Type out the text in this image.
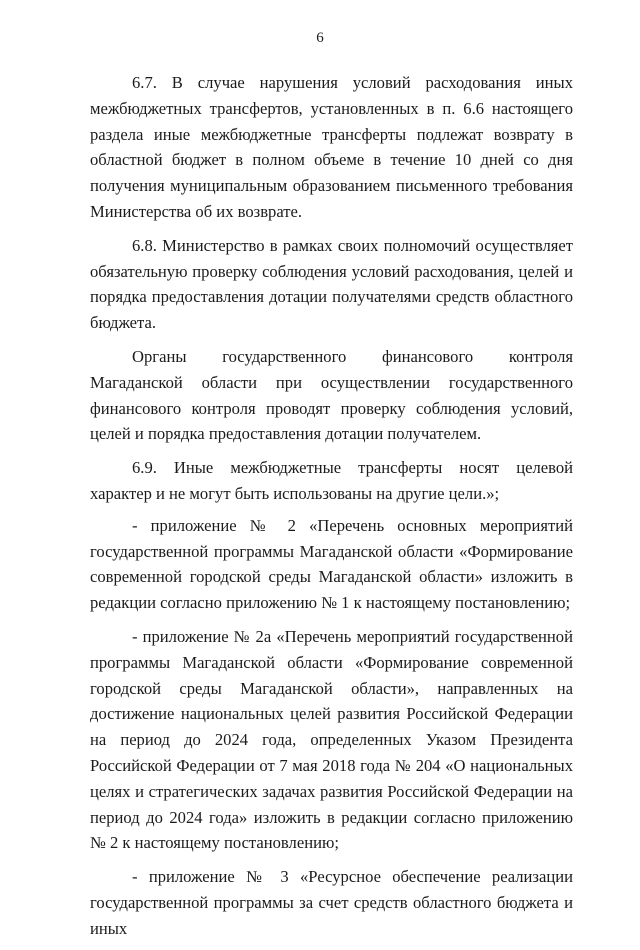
6

6.7. В случае нарушения условий расходования иных межбюджетных трансфертов, установленных в п. 6.6 настоящего раздела иные межбюджетные трансферты подлежат возврату в областной бюджет в полном объеме в течение 10 дней со дня получения муниципальным образованием письменного требования Министерства об их возврате.

6.8. Министерство в рамках своих полномочий осуществляет обязательную проверку соблюдения условий расходования, целей и порядка предоставления дотации получателями средств областного бюджета.

Органы государственного финансового контроля Магаданской области при осуществлении государственного финансового контроля проводят проверку соблюдения условий, целей и порядка предоставления дотации получателем.

6.9. Иные межбюджетные трансферты носят целевой характер и не могут быть использованы на другие цели.»;

- приложение № 2 «Перечень основных мероприятий государственной программы Магаданской области «Формирование современной городской среды Магаданской области» изложить в редакции согласно приложению № 1 к настоящему постановлению;

- приложение № 2а «Перечень мероприятий государственной программы Магаданской области «Формирование современной городской среды Магаданской области», направленных на достижение национальных целей развития Российской Федерации на период до 2024 года, определенных Указом Президента Российской Федерации от 7 мая 2018 года № 204 «О национальных целях и стратегических задачах развития Российской Федерации на период до 2024 года» изложить в редакции согласно приложению № 2 к настоящему постановлению;

- приложение № 3 «Ресурсное обеспечение реализации государственной программы за счет средств областного бюджета и иных
